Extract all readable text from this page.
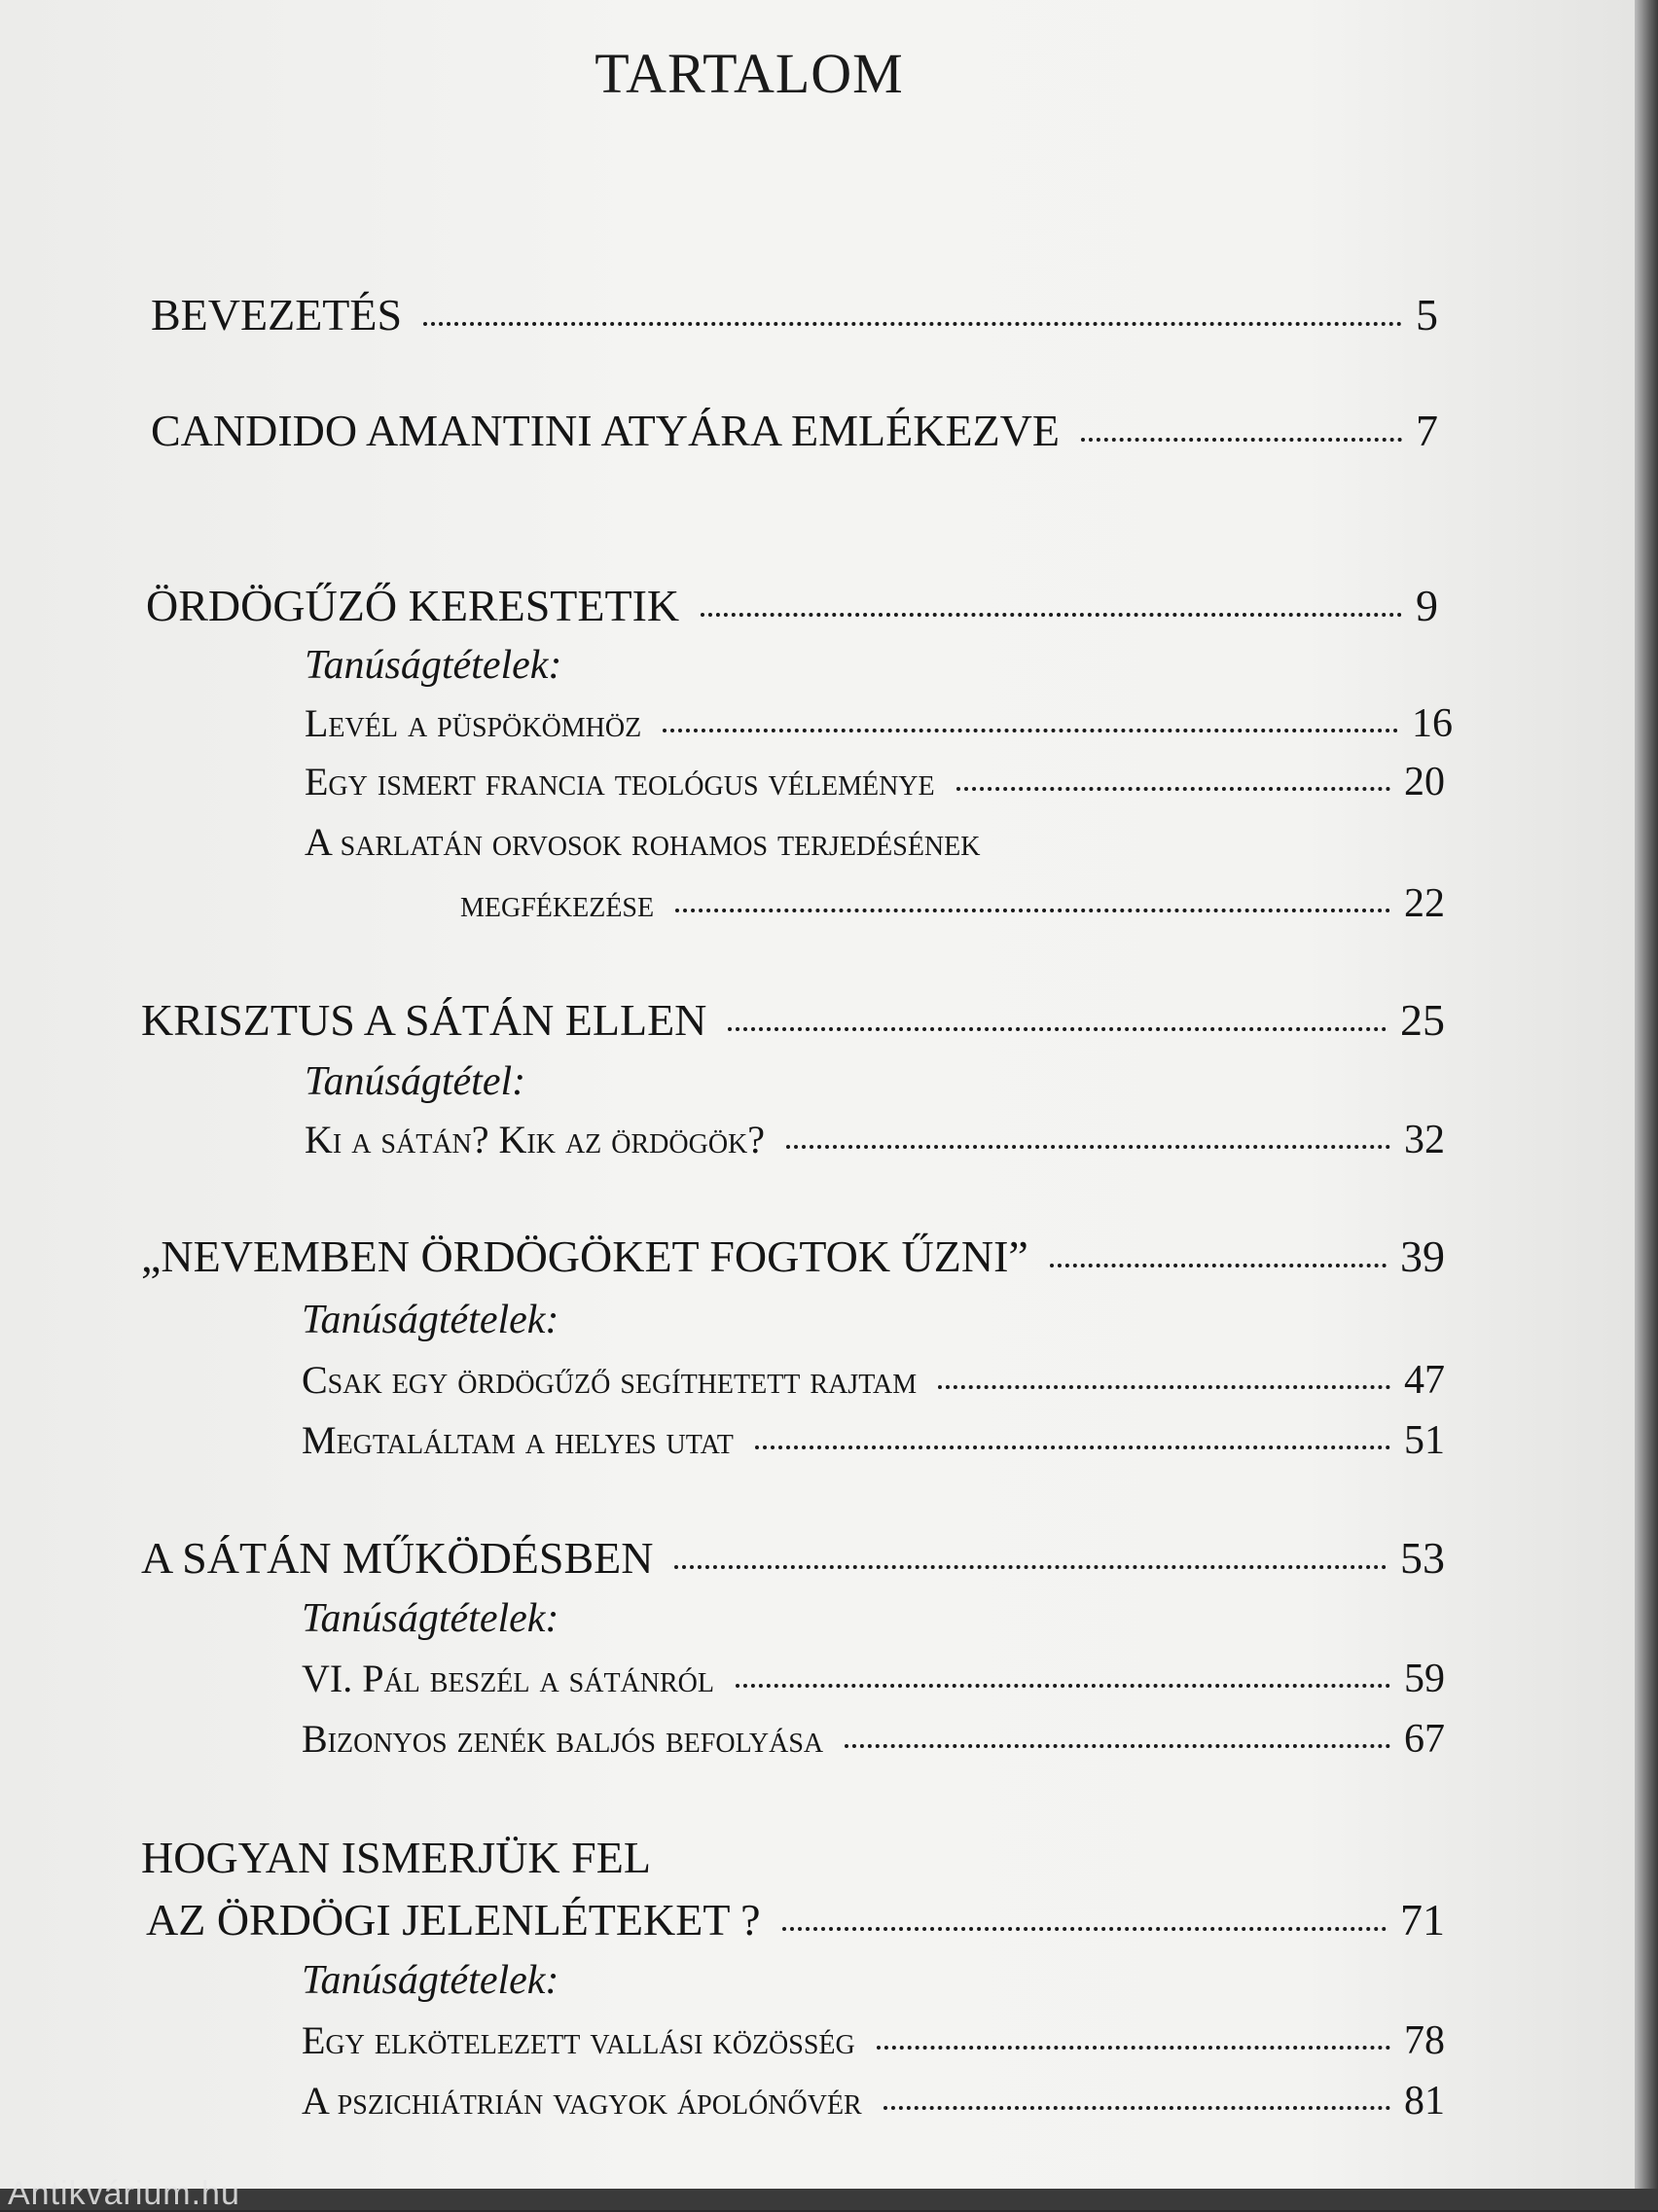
TARTALOM
BEVEZETÉS	5
CANDIDO AMANTINI ATYÁRA EMLÉKEZVE	7
ÖRDÖGŰZŐ KERESTETIK	9
Tanúságtételek:
Levél a püspökömhöz	16
Egy ismert francia teológus véleménye	20
A sarlatán orvosok rohamos terjedésének
megfékezése	22
KRISZTUS A SÁTÁN ELLEN	25
Tanúságtétel:
Ki a sátán? Kik az ördögök?	32
„NEVEMBEN ÖRDÖGÖKET FOGTOK ŰZNI”	39
Tanúságtételek:
Csak egy ördögűző segíthetett rajtam	47
Megtaláltam a helyes utat	51
A SÁTÁN MŰKÖDÉSBEN	53
Tanúságtételek:
VI. Pál beszél a sátánról	59
Bizonyos zenék baljós befolyása	67
HOGYAN ISMERJÜK FEL
AZ ÖRDÖGI JELENLÉTEKET ?	71
Tanúságtételek:
Egy elkötelezett vallási közösség	78
A pszichiátrián vagyok ápolónővér	81
Antikvárium.hu
